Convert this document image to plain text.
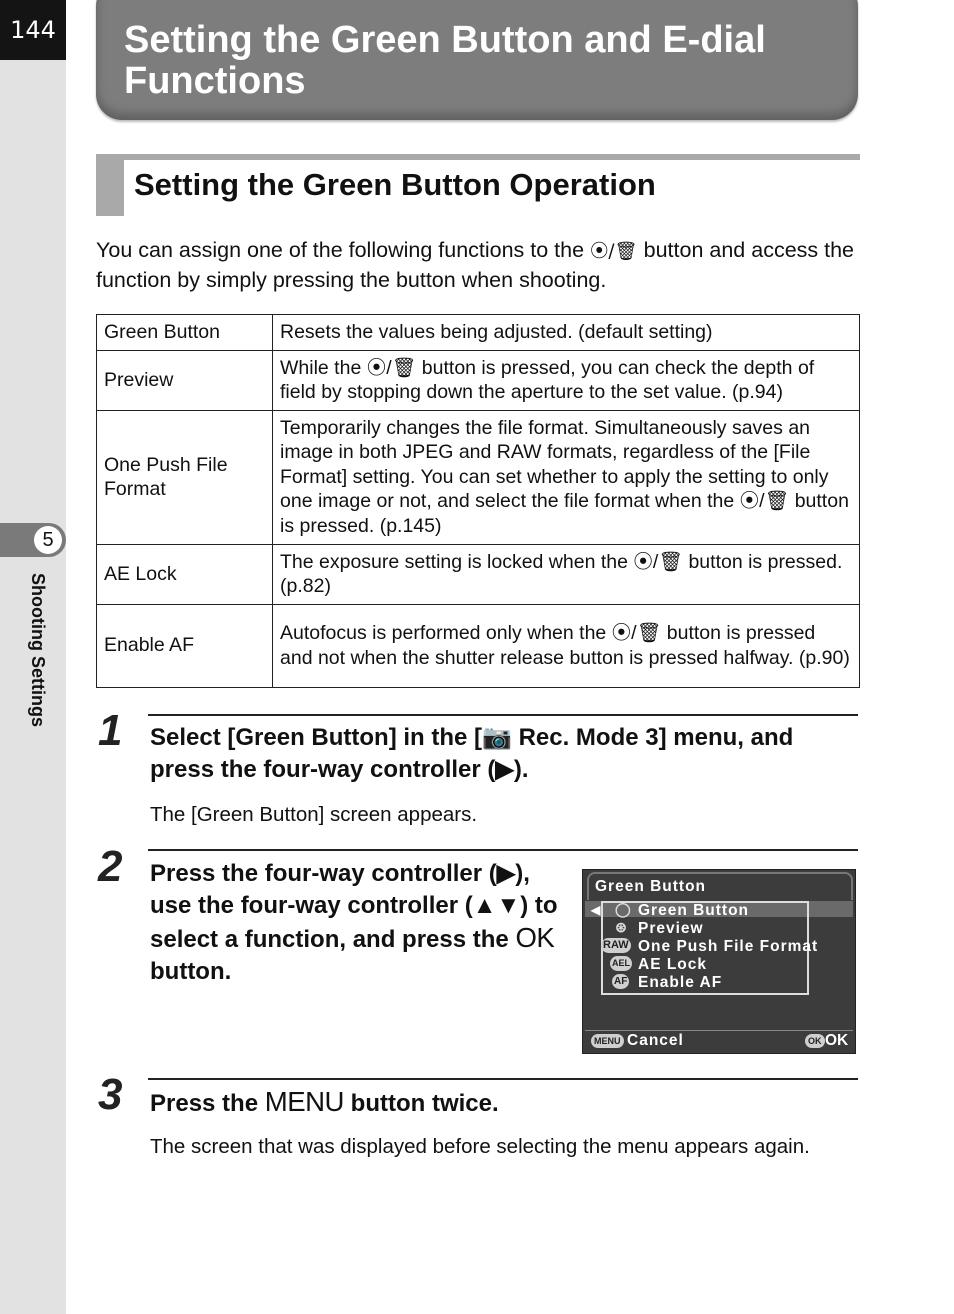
144
5
Shooting Settings
Setting the Green Button and E-dial Functions
Setting the Green Button Operation
You can assign one of the following functions to the ⦿/🗑 button and access the function by simply pressing the button when shooting.
Green Button	Resets the values being adjusted. (default setting)
Preview	While the ⦿/🗑 button is pressed, you can check the depth of field by stopping down the aperture to the set value. (p.94)
One Push File Format	Temporarily changes the file format. Simultaneously saves an image in both JPEG and RAW formats, regardless of the [File Format] setting. You can set whether to apply the setting to only one image or not, and select the file format when the ⦿/🗑 button is pressed. (p.145)
AE Lock	The exposure setting is locked when the ⦿/🗑 button is pressed. (p.82)
Enable AF	Autofocus is performed only when the ⦿/🗑 button is pressed and not when the shutter release button is pressed halfway. (p.90)
1 Select [Green Button] in the [📷 Rec. Mode 3] menu, and press the four-way controller (▶).
The [Green Button] screen appears.
2 Press the four-way controller (▶), use the four-way controller (▲▼) to select a function, and press the OK button.
Green Button
◀ ◯ Green Button
⊛ Preview
RAW One Push File Format
AEL AE Lock
AF Enable AF
MENU Cancel	OK OK
3 Press the MENU button twice.
The screen that was displayed before selecting the menu appears again.
